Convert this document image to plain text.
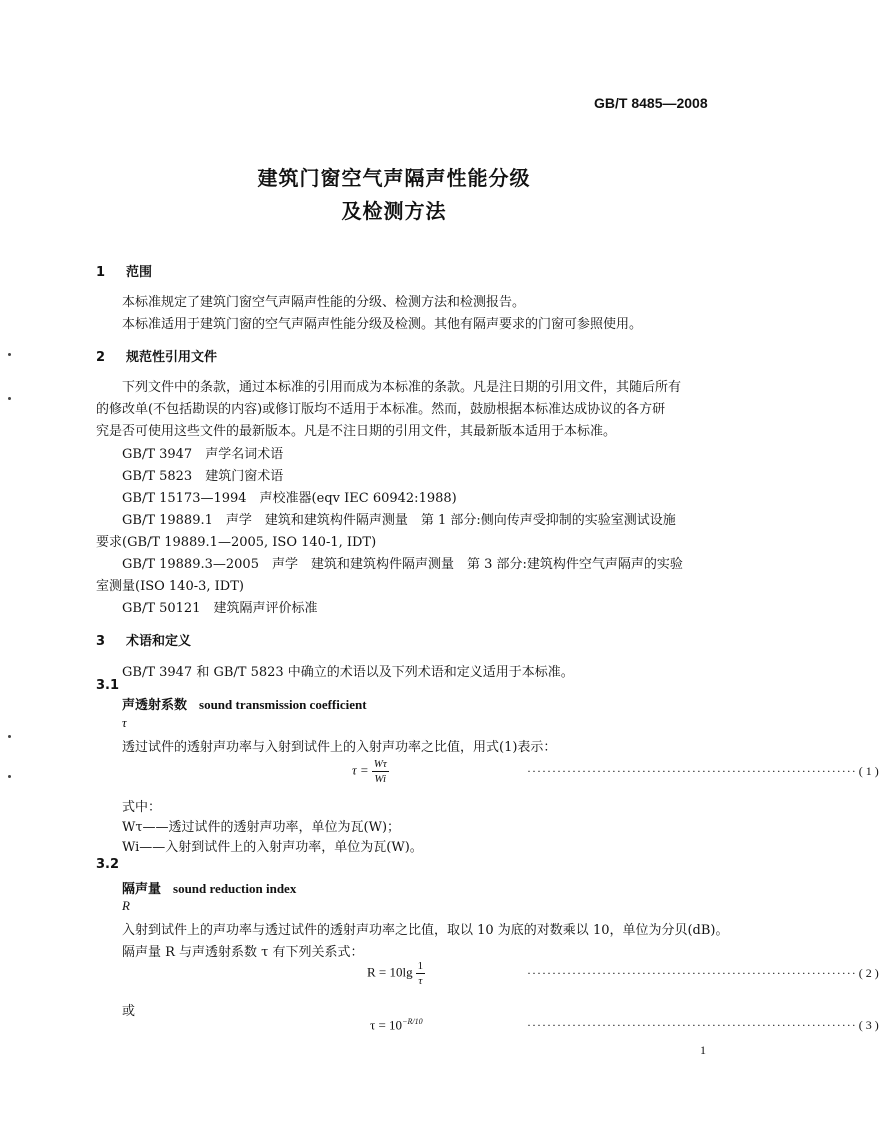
GB/T 8485—2008
建筑门窗空气声隔声性能分级
及检测方法
1 范围
本标准规定了建筑门窗空气声隔声性能的分级、检测方法和检测报告。
本标准适用于建筑门窗的空气声隔声性能分级及检测。其他有隔声要求的门窗可参照使用。
2 规范性引用文件
下列文件中的条款，通过本标准的引用而成为本标准的条款。凡是注日期的引用文件，其随后所有
的修改单(不包括勘误的内容)或修订版均不适用于本标准。然而，鼓励根据本标准达成协议的各方研
究是否可使用这些文件的最新版本。凡是不注日期的引用文件，其最新版本适用于本标准。
GB/T 3947　声学名词术语
GB/T 5823　建筑门窗术语
GB/T 15173—1994　声校准器(eqv IEC 60942:1988)
GB/T 19889.1　声学　建筑和建筑构件隔声测量　第 1 部分:侧向传声受抑制的实验室测试设施
要求(GB/T 19889.1—2005, ISO 140-1, IDT)
GB/T 19889.3—2005　声学　建筑和建筑构件隔声测量　第 3 部分:建筑构件空气声隔声的实验
室测量(ISO 140-3, IDT)
GB/T 50121　建筑隔声评价标准
3 术语和定义
GB/T 3947 和 GB/T 5823 中确立的术语以及下列术语和定义适用于本标准。
3.1
声透射系数 sound transmission coefficient
τ
透过试件的透射声功率与入射到试件上的入射声功率之比值，用式(1)表示：
$\tau = \frac{W\tau}{Wi}$	·································································· ( 1 )
式中：
Wτ——透过试件的透射声功率，单位为瓦(W)；
Wi——入射到试件上的入射声功率，单位为瓦(W)。
3.2
隔声量 sound reduction index
R
入射到试件上的声功率与透过试件的透射声功率之比值，取以 10 为底的对数乘以 10，单位为分贝(dB)。
隔声量 R 与声透射系数 τ 有下列关系式：
$R = 10\lg \frac{1}{\tau}$	·································································· ( 2 )
或
$\tau = 10^{-R/10}$	·································································· ( 3 )
1
